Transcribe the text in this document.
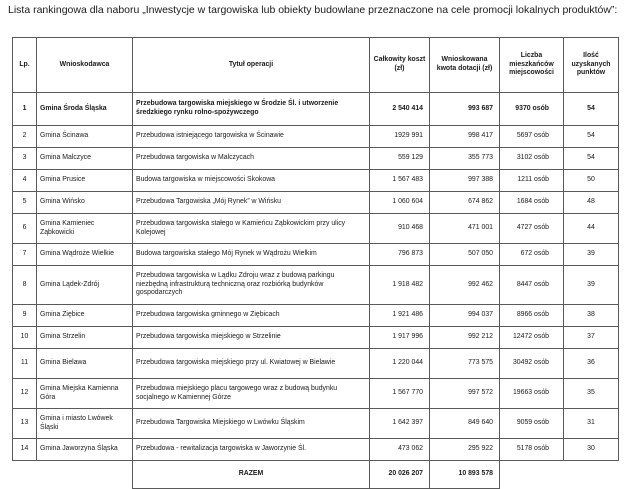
Lista rankingowa dla naboru „Inwestycje w targowiska lub obiekty budowlane przeznaczone na cele promocji lokalnych produktów”:
Lp.	Wnioskodawca	Tytuł operacji	Całkowity koszt (zł)	Wnioskowana kwota dotacji (zł)	Liczba mieszkańców miejscowości	Ilość uzyskanych punktów
1	Gmina Środa Śląska	Przebudowa targowiska miejskiego w Środzie Śl. i utworzenie średzkiego rynku rolno-spożywczego	2 540 414	993 687	9370 osób	54
2	Gmina Ścinawa	Przebudowa istniejącego targowiska w Ścinawie	1929 991	998 417	5697 osób	54
3	Gmina Malczyce	Przebudowa targowiska w Malczycach	559 129	355 773	3102 osób	54
4	Gmina Prusice	Budowa targowiska w miejscowości Skokowa	1 567 483	997 388	1211 osób	50
5	Gmina Wińsko	Przebudowa Targowiska „Mój Rynek” w Wińsku	1 060 604	674 862	1684 osób	48
6	Gmina Kamieniec Ząbkowicki	Przebudowa targowiska stałego w Kamieńcu Ząbkowickim przy ulicy Kolejowej	910 468	471 001	4727 osób	44
7	Gmina Wądroże Wielkie	Budowa targowiska stałego Mój Rynek w Wądrożu Wielkim	796 873	507 050	672 osób	39
8	Gmina Lądek-Zdrój	Przebudowa targowiska w Lądku Zdroju wraz z budową parkingu niezbędną infrastrukturą techniczną oraz rozbiórką budynków gospodarczych	1 918 482	992 462	8447 osób	39
9	Gmina Ziębice	Przebudowa targowiska gminnego w Ziębicach	1 921 486	994 037	8966 osób	38
10	Gmina Strzelin	Przebudowa targowiska miejskiego w Strzelinie	1 917 996	992 212	12472 osób	37
11	Gmina Bielawa	Przebudowa targowiska miejskiego przy ul. Kwiatowej w Bielawie	1 220 044	773 575	30492 osób	36
12	Gmina Miejska Kamienna Góra	Przebudowa miejskiego placu targowego wraz z budową budynku socjalnego w Kamiennej Górze	1 567 770	997 572	19663 osób	35
13	Gmina i miasto Lwówek Śląski	Przebudowa Targowiska Miejskiego w Lwówku Śląskim	1 642 397	849 640	9059 osób	31
14	Gmina Jaworzyna Śląska	Przebudowa - rewitalizacja targowiska w Jaworzynie Śl.	473 062	295 922	5178 osób	30
		RAZEM	20 026 207	10 893 578		
